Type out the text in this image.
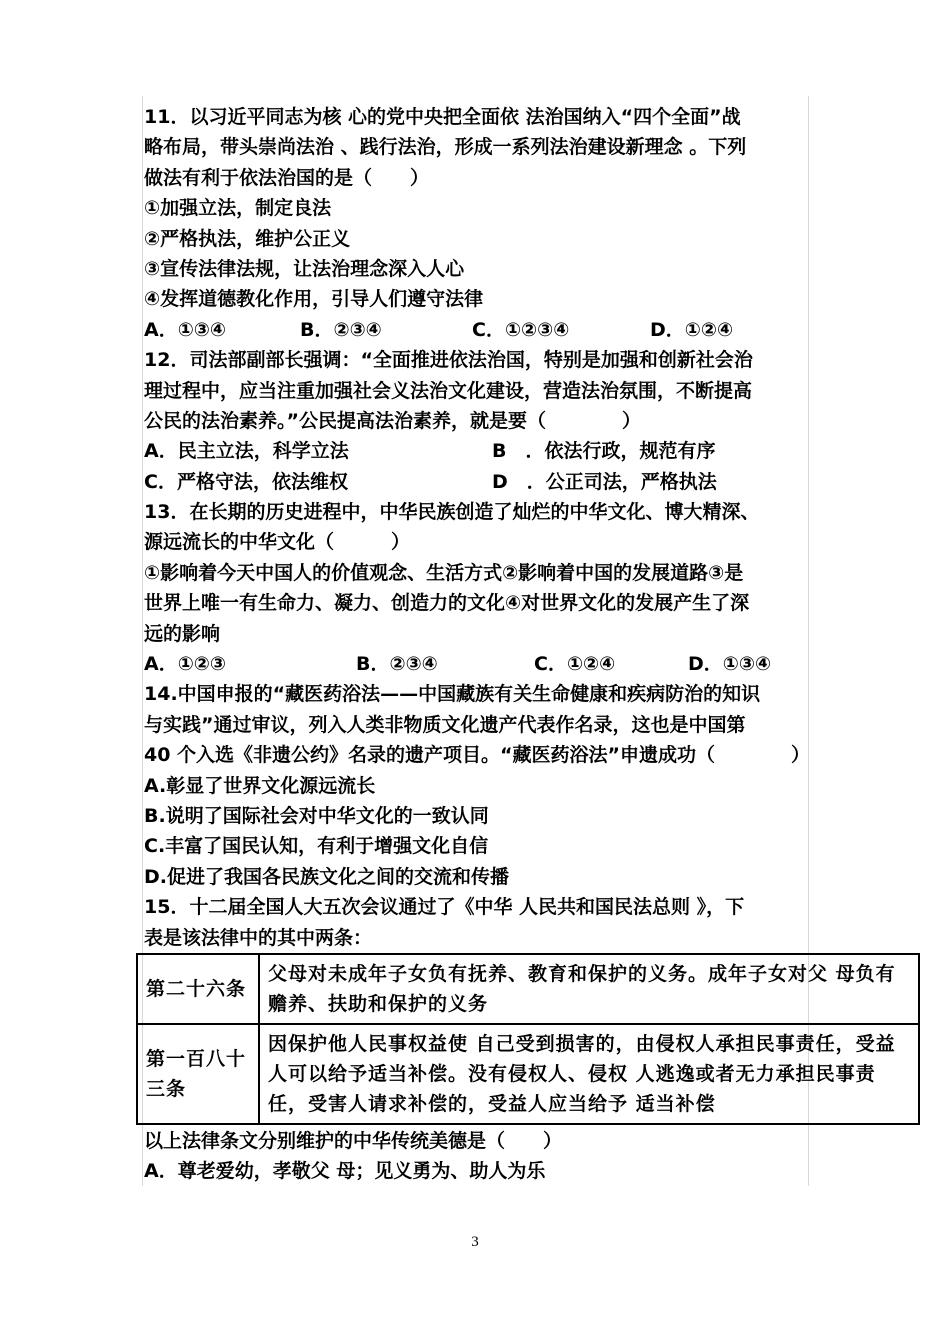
11．以习近平同志为核 心的党中央把全面依 法治国纳入“四个全面”战
略布局，带头崇尚法治 、践行法治，形成一系列法治建设新理念 。下列
做法有利于依法治国的是（　　）
①加强立法，制定良法
②严格执法，维护公正义
③宣传法律法规，让法治理念深入人心
④发挥道德教化作用，引导人们遵守法律
A．①③④	B．②③④	C．①②③④	D．①②④
12．司法部副部长强调：“全面推进依法治国，特别是加强和创新社会治
理过程中，应当注重加强社会义法治文化建设，营造法治氛围，不断提高
公民的法治素养。”公民提高法治素养，就是要（　　　　）
A．民主立法，科学立法	B　．依法行政，规范有序
C．严格守法，依法维权	D　．公正司法，严格执法
13．在长期的历史进程中，中华民族创造了灿烂的中华文化、博大精深、
源远流长的中华文化（　　　）
①影响着今天中国人的价值观念、生活方式②影响着中国的发展道路③是
世界上唯一有生命力、凝力、创造力的文化④对世界文化的发展产生了深
远的影响
A．①②③	B．②③④	C．①②④	D．①③④
14.中国申报的“藏医药浴法——中国藏族有关生命健康和疾病防治的知识
与实践”通过审议，列入人类非物质文化遗产代表作名录，这也是中国第
40 个入选《非遗公约》名录的遗产项目。“藏医药浴法”申遗成功（　　　　）
A.彰显了世界文化源远流长
B.说明了国际社会对中华文化的一致认同
C.丰富了国民认知，有利于增强文化自信
D.促进了我国各民族文化之间的交流和传播
15．十二届全国人大五次会议通过了《中华 人民共和国民法总则 》，下
表是该法律中的其中两条：
第二十六条	父母对未成年子女负有抚养、教育和保护的义务。成年子女对父 母负有赡养、扶助和保护的义务
第一百八十三条	因保护他人民事权益使 自己受到损害的，由侵权人承担民事责任，受益人可以给予适当补偿。没有侵权人、侵权 人逃逸或者无力承担民事责任，受害人请求补偿的，受益人应当给予 适当补偿
以上法律条文分别维护的中华传统美德是（　　）
A．尊老爱幼，孝敬父 母；见义勇为、助人为乐
3
